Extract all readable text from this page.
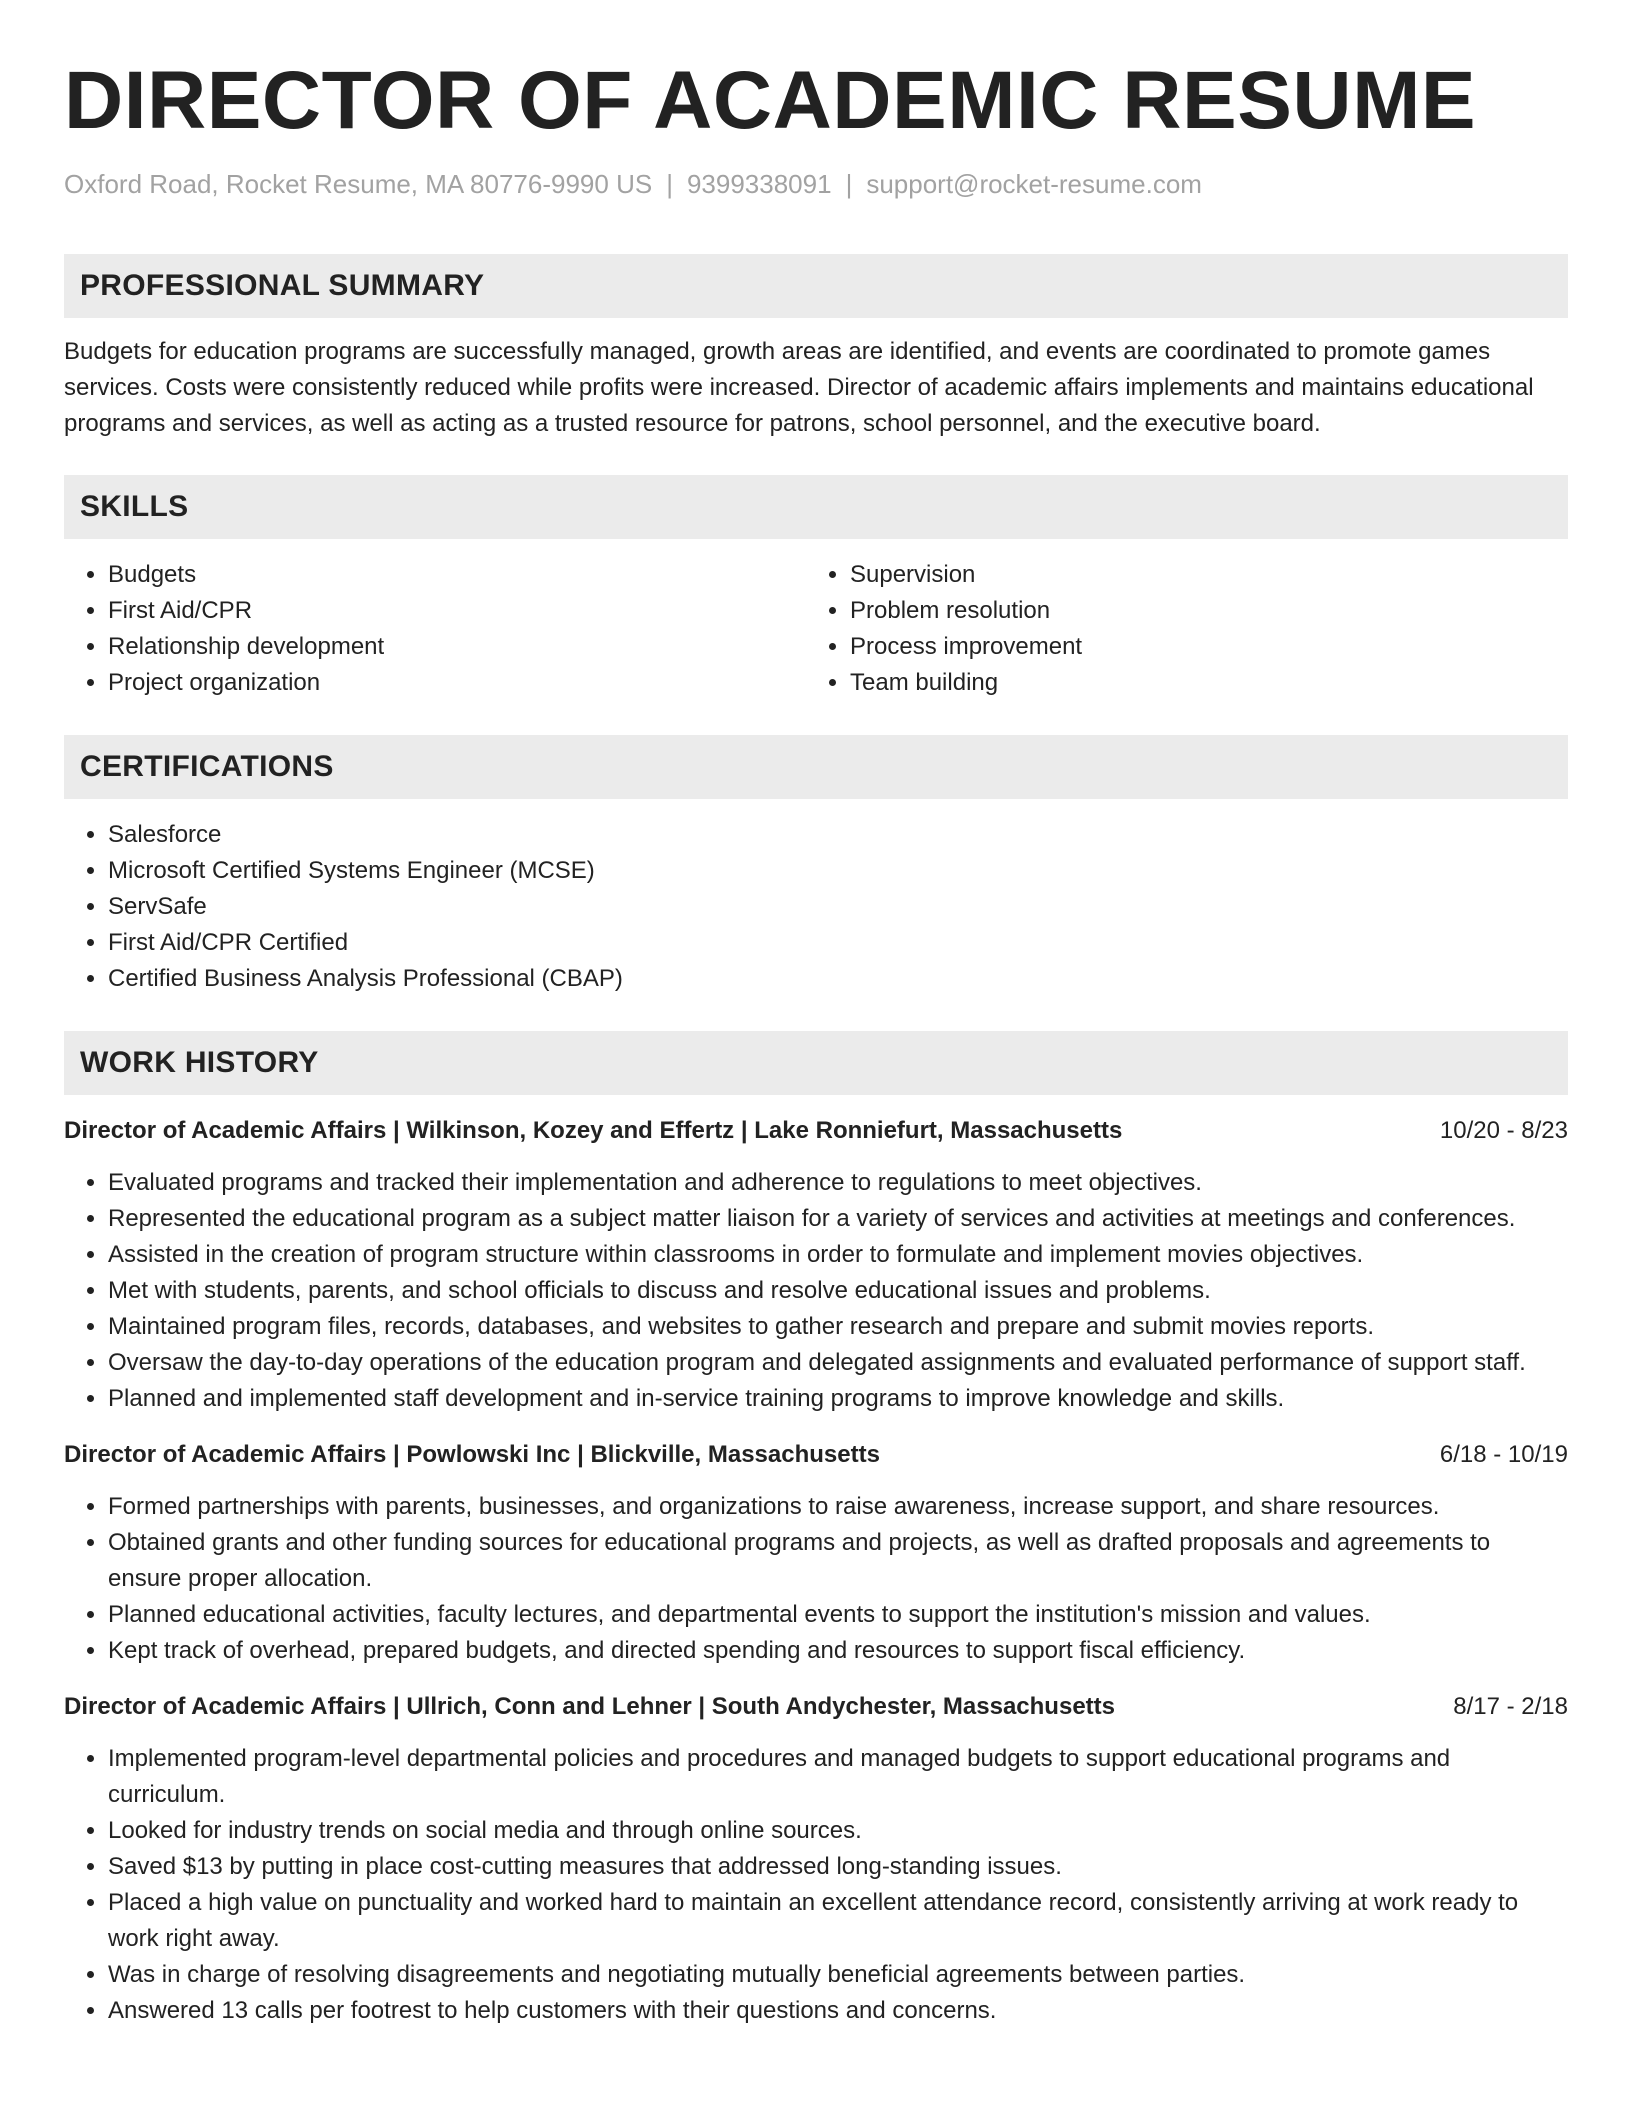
DIRECTOR OF ACADEMIC RESUME
Oxford Road, Rocket Resume, MA 80776-9990 US | 9399338091 | support@rocket-resume.com
PROFESSIONAL SUMMARY

Budgets for education programs are successfully managed, growth areas are identified, and events are coordinated to promote games services. Costs were consistently reduced while profits were increased. Director of academic affairs implements and maintains educational programs and services, as well as acting as a trusted resource for patrons, school personnel, and the executive board.

SKILLS
• Budgets
• First Aid/CPR
• Relationship development
• Project organization
• Supervision
• Problem resolution
• Process improvement
• Team building
CERTIFICATIONS
• Salesforce
• Microsoft Certified Systems Engineer (MCSE)
• ServSafe
• First Aid/CPR Certified
• Certified Business Analysis Professional (CBAP)
WORK HISTORY
Director of Academic Affairs | Wilkinson, Kozey and Effertz | Lake Ronniefurt, Massachusetts	10/20 - 8/23
• Evaluated programs and tracked their implementation and adherence to regulations to meet objectives.
• Represented the educational program as a subject matter liaison for a variety of services and activities at meetings and conferences.
• Assisted in the creation of program structure within classrooms in order to formulate and implement movies objectives.
• Met with students, parents, and school officials to discuss and resolve educational issues and problems.
• Maintained program files, records, databases, and websites to gather research and prepare and submit movies reports.
• Oversaw the day-to-day operations of the education program and delegated assignments and evaluated performance of support staff.
• Planned and implemented staff development and in-service training programs to improve knowledge and skills.
Director of Academic Affairs | Powlowski Inc | Blickville, Massachusetts	6/18 - 10/19
• Formed partnerships with parents, businesses, and organizations to raise awareness, increase support, and share resources.
• Obtained grants and other funding sources for educational programs and projects, as well as drafted proposals and agreements to ensure proper allocation.
• Planned educational activities, faculty lectures, and departmental events to support the institution's mission and values.
• Kept track of overhead, prepared budgets, and directed spending and resources to support fiscal efficiency.
Director of Academic Affairs | Ullrich, Conn and Lehner | South Andychester, Massachusetts	8/17 - 2/18
• Implemented program-level departmental policies and procedures and managed budgets to support educational programs and curriculum.
• Looked for industry trends on social media and through online sources.
• Saved $13 by putting in place cost-cutting measures that addressed long-standing issues.
• Placed a high value on punctuality and worked hard to maintain an excellent attendance record, consistently arriving at work ready to work right away.
• Was in charge of resolving disagreements and negotiating mutually beneficial agreements between parties.
• Answered 13 calls per footrest to help customers with their questions and concerns.
